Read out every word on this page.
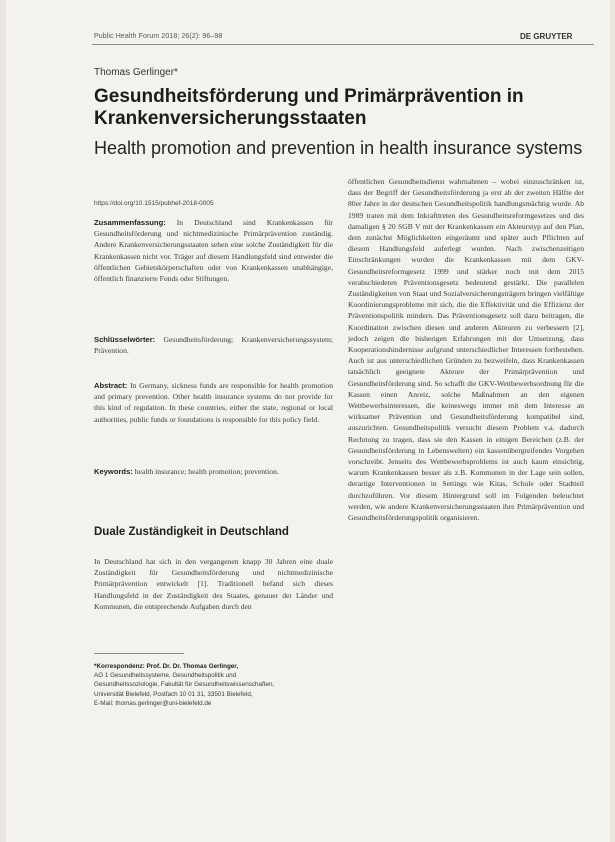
Public Health Forum 2018; 26(2): 96–98	DE GRUYTER
Thomas Gerlinger*
Gesundheitsförderung und Primärprävention in Krankenversicherungsstaaten
Health promotion and prevention in health insurance systems
https://doi.org/10.1515/pubhef-2018-0005

Zusammenfassung: In Deutschland sind Krankenkassen für Gesundheitsförderung und nichtmedizinische Primärprävention zuständig. Andere Krankenversicherungsstaaten sehen eine solche Zuständigkeit für die Krankenkassen nicht vor. Träger auf diesem Handlungsfeld sind entweder die öffentlichen Gebietskörperschaften oder von Krankenkassen unabhängige, öffentlich finanzierte Fonds oder Stiftungen.

Schlüsselwörter: Gesundheitsförderung; Krankenversicherungssystem; Prävention.

Abstract: In Germany, sickness funds are responsible for health promotion and primary prevention. Other health insurance systems do not provide for this kind of regulation. In these countries, either the state, regional or local authorities, public funds or foundations is responsible for this policy field.

Keywords: health insurance; health promotion; prevention.

Duale Zuständigkeit in Deutschland

In Deutschland hat sich in den vergangenen knapp 30 Jahren eine duale Zuständigkeit für Gesundheitsförderung und nichtmedizinische Primärprävention entwickelt [1]. Traditionell befand sich dieses Handlungsfeld in der Zuständigkeit des Staates, genauer der Länder und Kommunen, die entsprechende Aufgaben durch den

*Korrespondenz: Prof. Dr. Dr. Thomas Gerlinger,
AG 1 Gesundheitssysteme, Gesundheitspolitik und
Gesundheitssoziologie, Fakultät für Gesundheitswissenschaften,
Universität Bielefeld, Postfach 10 01 31, 33501 Bielefeld,
E-Mail: thomas.gerlinger@uni-bielefeld.de

öffentlichen Gesundheitsdienst wahrnahmen – wobei einzuschränken ist, dass der Begriff der Gesundheitsförderung ja erst ab der zweiten Hälfte der 80er Jahre in der deutschen Gesundheitspolitik handlungsmächtig wurde. Ab 1989 traten mit dem Inkrafttreten des Gesundheitsreformgesetzes und des damaligen § 20 SGB V mit der Krankenkassen ein Akteurstyp auf den Plan, dem zunächst Möglichkeiten eingeräumt und später auch Pflichten auf diesem Handlungsfeld auferlegt wurden. Nach zwischenzeitigen Einschränkungen wurden die Krankenkassen mit dem GKV-Gesundheitsreformgesetz 1999 und stärker noch mit dem 2015 verabschiedeten Präventionsgesetz bedeutend gestärkt. Die parallelen Zuständigkeiten von Staat und Sozialversicherungsträgern bringen vielfältige Koordinierungsprobleme mit sich, die die Effektivität und die Effizienz der Präventionspolitik mindern. Das Präventionsgesetz soll dazu beitragen, die Koordination zwischen diesen und anderen Akteuren zu verbessern [2], jedoch zeigen die bisherigen Erfahrungen mit der Umsetzung, dass Kooperationshindernisse aufgrund unterschiedlicher Interessen fortbestehen. Auch ist aus unterschiedlichen Gründen zu bezweifeln, dass Krankenkassen tatsächlich geeignete Akteure der Primärprävention und Gesundheitsförderung sind. So schafft die GKV-Wettbewerbsordnung für die Kassen einen Anreiz, solche Maßnahmen an den eigenen Wettbewerbsinteressen, die keineswegs immer mit dem Interesse an wirksamer Prävention und Gesundheitsförderung kompatibel sind, auszurichten. Gesundheitspolitik versucht diesem Problem v.a. dadurch Rechnung zu tragen, dass sie den Kassen in einigen Bereichen (z.B. der Gesundheitsförderung in Lebenswelten) ein kassenübergreifendes Vorgehen vorschreibt. Jenseits des Wettbewerbsproblems ist auch kaum einsichtig, warum Krankenkassen besser als z.B. Kommunen in der Lage sein sollen, derartige Interventionen in Settings wie Kitas, Schule oder Stadtteil durchzuführen. Vor diesem Hintergrund soll im Folgenden beleuchtet werden, wie andere Krankenversicherungsstaaten ihre Primärprävention und Gesundheitsförderungspolitik organisieren.
